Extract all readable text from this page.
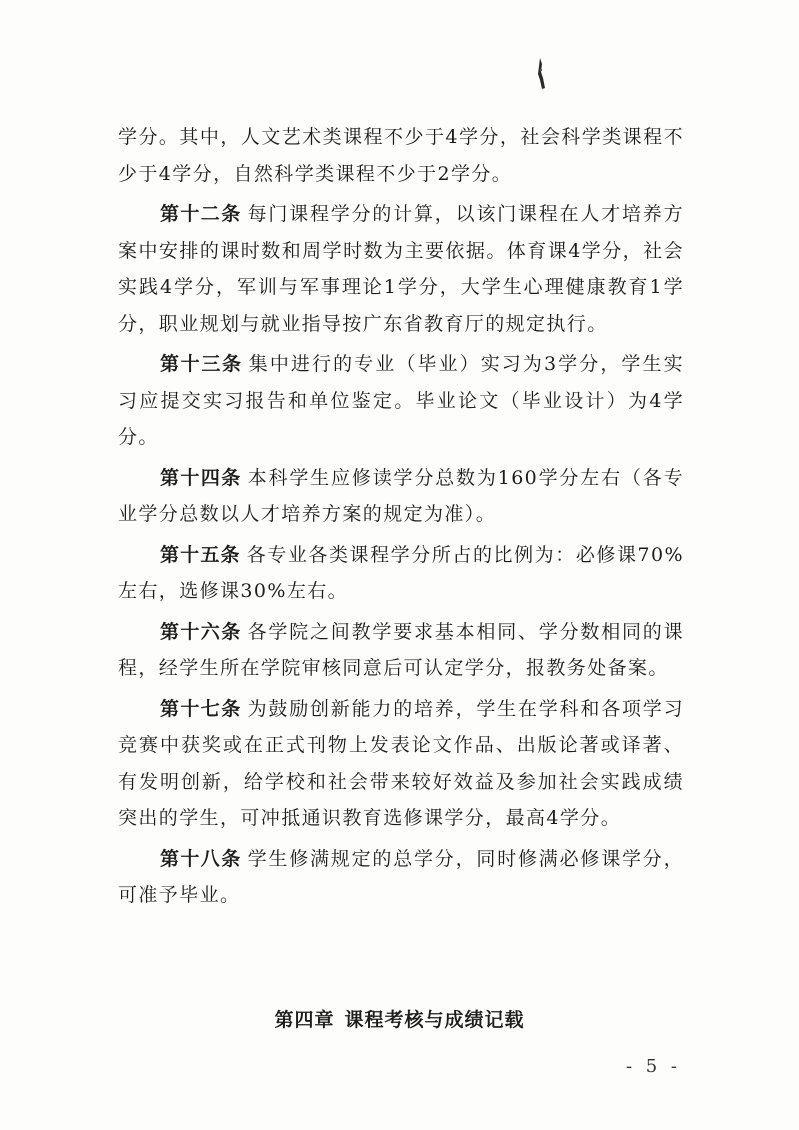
学分。其中，人文艺术类课程不少于4学分，社会科学类课程不少于4学分，自然科学类课程不少于2学分。

第十二条 每门课程学分的计算，以该门课程在人才培养方案中安排的课时数和周学时数为主要依据。体育课4学分，社会实践4学分，军训与军事理论1学分，大学生心理健康教育1学分，职业规划与就业指导按广东省教育厅的规定执行。

第十三条 集中进行的专业（毕业）实习为3学分，学生实习应提交实习报告和单位鉴定。毕业论文（毕业设计）为4学分。

第十四条 本科学生应修读学分总数为160学分左右（各专业学分总数以人才培养方案的规定为准）。

第十五条 各专业各类课程学分所占的比例为：必修课70%左右，选修课30%左右。

第十六条 各学院之间教学要求基本相同、学分数相同的课程，经学生所在学院审核同意后可认定学分，报教务处备案。

第十七条 为鼓励创新能力的培养，学生在学科和各项学习竞赛中获奖或在正式刊物上发表论文作品、出版论著或译著、有发明创新，给学校和社会带来较好效益及参加社会实践成绩突出的学生，可冲抵通识教育选修课学分，最高4学分。

第十八条 学生修满规定的总学分，同时修满必修课学分，可准予毕业。

第四章 课程考核与成绩记载
- 5 -
